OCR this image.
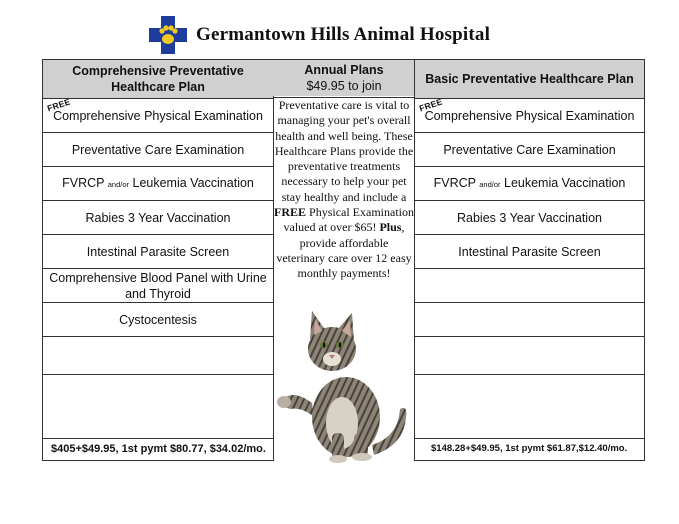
Germantown Hills Animal Hospital
Comprehensive Preventative Healthcare Plan
FREE
Comprehensive Physical Examination
Preventative Care Examination
FVRCP and/or Leukemia Vaccination
Rabies 3 Year Vaccination
Intestinal Parasite Screen
Comprehensive Blood Panel with Urine and Thyroid
Cystocentesis
$405+$49.95, 1st pymt $80.77, $34.02/mo.
Annual Plans
$49.95 to join
Preventative care is vital to managing your pet's overall health and well being. These Healthcare Plans provide the preventative treatments necessary to help your pet stay healthy and include a FREE Physical Examination valued at over $65! Plus, provide affordable veterinary care over 12 easy monthly payments!
Basic Preventative Healthcare Plan
FREE
Comprehensive Physical Examination
Preventative Care Examination
FVRCP and/or Leukemia Vaccination
Rabies 3 Year Vaccination
Intestinal Parasite Screen
$148.28+$49.95, 1st pymt $61.87, $12.40/mo.
